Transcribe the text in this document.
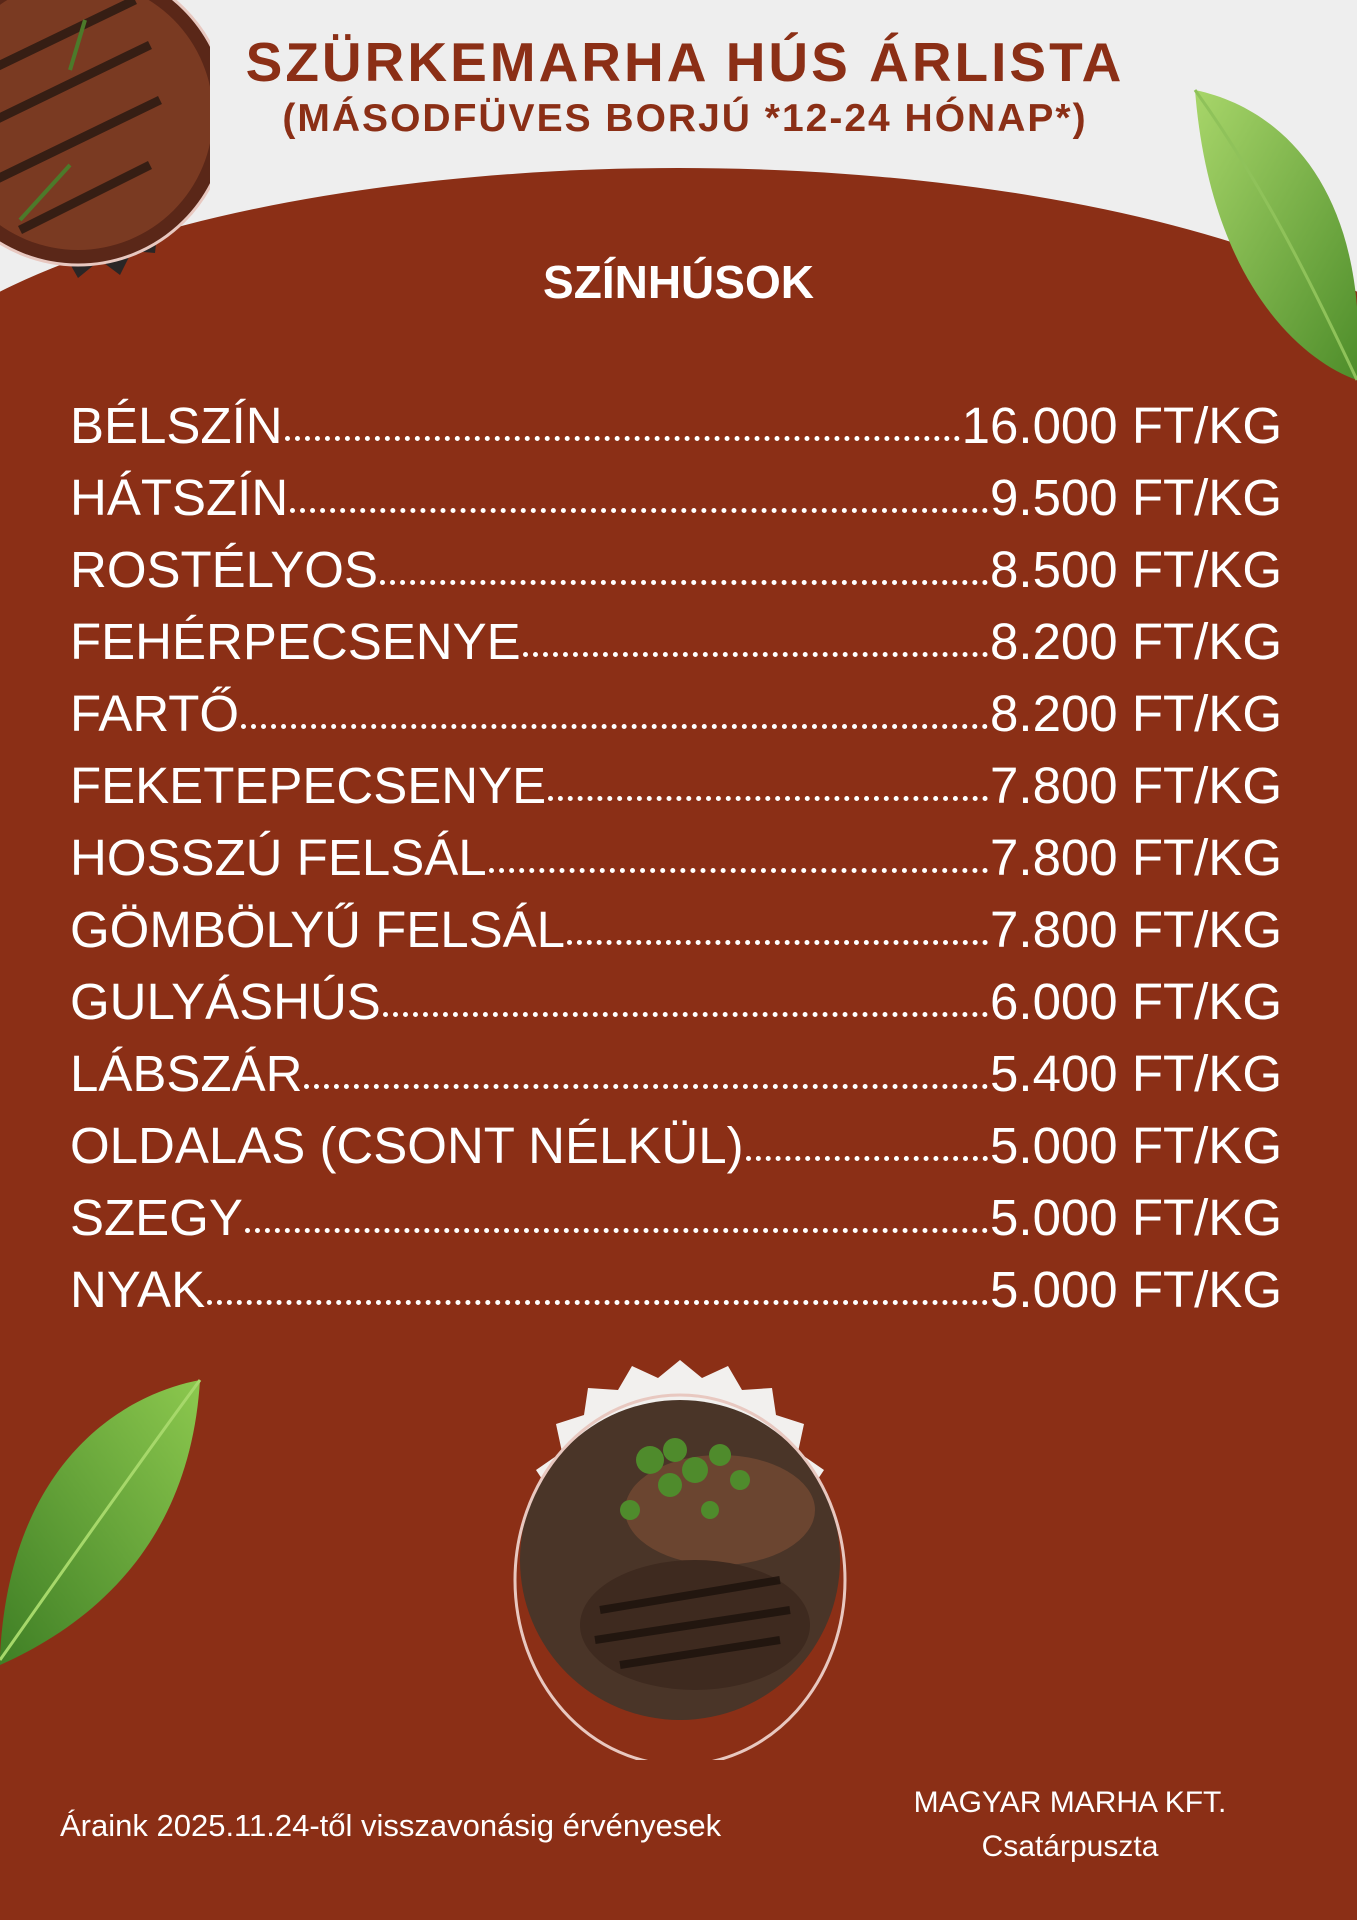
SZÜRKEMARHA HÚS ÁRLISTA
(MÁSODFÜVES BORJÚ *12-24 HÓNAP*)
SZÍNHÚSOK
BÉLSZÍN	16.000 FT/KG
HÁTSZÍN	9.500 FT/KG
ROSTÉLYOS	8.500 FT/KG
FEHÉRPECSENYE	8.200 FT/KG
FARTŐ	8.200 FT/KG
FEKETEPECSENYE	7.800 FT/KG
HOSSZÚ FELSÁL	7.800 FT/KG
GÖMBÖLYŰ FELSÁL	7.800 FT/KG
GULYÁSHÚS	6.000 FT/KG
LÁBSZÁR	5.400 FT/KG
OLDALAS (CSONT NÉLKÜL)	5.000 FT/KG
SZEGY	5.000 FT/KG
NYAK	5.000 FT/KG
Áraink 2025.11.24-től visszavonásig érvényesek
MAGYAR MARHA KFT.
Csatárpuszta
